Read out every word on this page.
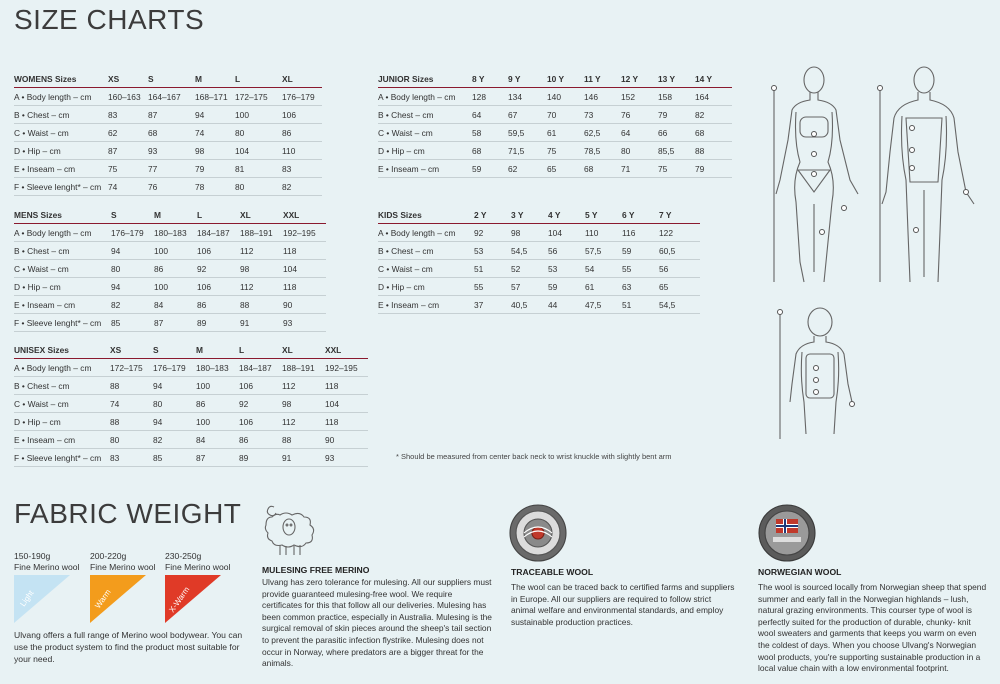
SIZE CHARTS
WOMENS Sizes	XS	S	M	L	XL
A • Body length – cm	160–163	164–167	168–171	172–175	176–179
B • Chest – cm	83	87	94	100	106
C • Waist – cm	62	68	74	80	86
D • Hip – cm	87	93	98	104	110
E • Inseam – cm	75	77	79	81	83
F • Sleeve lenght* – cm	74	76	78	80	82
JUNIOR Sizes	8 Y	9 Y	10 Y	11 Y	12 Y	13 Y	14 Y
A • Body length – cm	128	134	140	146	152	158	164
B • Chest – cm	64	67	70	73	76	79	82
C • Waist – cm	58	59,5	61	62,5	64	66	68
D • Hip – cm	68	71,5	75	78,5	80	85,5	88
E • Inseam – cm	59	62	65	68	71	75	79
MENS Sizes	S	M	L	XL	XXL
A • Body length – cm	176–179	180–183	184–187	188–191	192–195
B • Chest – cm	94	100	106	112	118
C • Waist – cm	80	86	92	98	104
D • Hip – cm	94	100	106	112	118
E • Inseam – cm	82	84	86	88	90
F • Sleeve lenght* – cm	85	87	89	91	93
KIDS Sizes	2 Y	3 Y	4 Y	5 Y	6 Y	7 Y
A • Body length – cm	92	98	104	110	116	122
B • Chest – cm	53	54,5	56	57,5	59	60,5
C • Waist – cm	51	52	53	54	55	56
D • Hip – cm	55	57	59	61	63	65
E • Inseam – cm	37	40,5	44	47,5	51	54,5
UNISEX Sizes	XS	S	M	L	XL	XXL
A • Body length – cm	172–175	176–179	180–183	184–187	188–191	192–195
B • Chest – cm	88	94	100	106	112	118
C • Waist – cm	74	80	86	92	98	104
D • Hip – cm	88	94	100	106	112	118
E • Inseam – cm	80	82	84	86	88	90
F • Sleeve lenght* – cm	83	85	87	89	91	93	* Should be measured from center back neck to wrist knuckle with slightly bent arm
FABRIC WEIGHT
150-190g
Fine Merino wool
200-220g
Fine Merino wool
230-250g
Fine Merino wool
Light	Warm	X-Warm
Ulvang offers a full range of Merino wool bodywear. You can use the product system to find the product most suitable for your need.
MULESING FREE MERINO
Ulvang has zero tolerance for mulesing. All our suppliers must provide guaranteed mulesing-free wool. We require certificates for this that follow all our deliveries. Mulesing has been common practice, especially in Australia. Mulesing is the surgical removal of skin pieces around the sheep's tail section to prevent the parasitic infection flystrike. Mulesing does not occur in Norway, where predators are a bigger threat for the animals.
TRACEABLE WOOL
The wool can be traced back to certified farms and suppliers in Europe. All our suppliers are required to follow strict animal welfare and environmental standards, and employ sustainable production practices.
NORWEGIAN WOOL
The wool is sourced locally from Norwegian sheep that spend summer and early fall in the Norwegian highlands – lush, natural grazing environments. This courser type of wool is perfectly suited for the production of durable, chunky- knit wool sweaters and garments that keeps you warm on even the coldest of days. When you choose Ulvang's Norwegian wool products, you're supporting sustainable production in a local value chain with a low environmental footprint.
